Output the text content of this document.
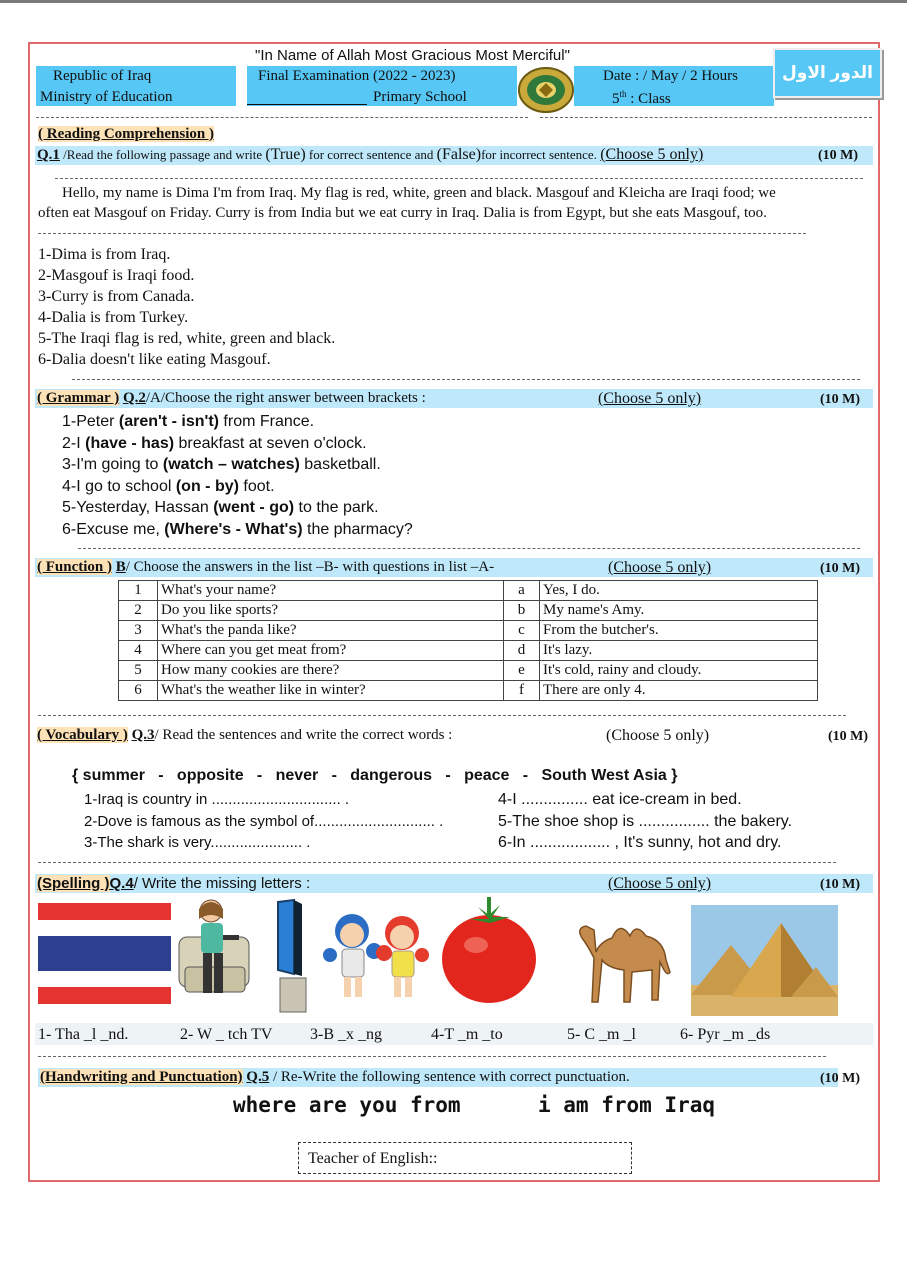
"In Name of Allah Most Gracious Most Merciful"
Republic of Iraq
Ministry of Education
Final Examination (2022 - 2023)
Primary School
Date : / May / 2 Hours
5th : Class
الدور الاول
( Reading Comprehension )
Q.1 /Read the following passage and write (True) for correct sentence and (False)for incorrect sentence. (Choose 5 only)	(10 M)
Hello, my name is Dima I'm from Iraq. My flag is red, white, green and black. Masgouf and Kleicha are Iraqi food; we
often eat Masgouf on Friday. Curry is from India but we eat curry in Iraq. Dalia is from Egypt, but she eats Masgouf, too.
1-Dima is from Iraq.
2-Masgouf is Iraqi food.
3-Curry is from Canada.
4-Dalia is from Turkey.
5-The Iraqi flag is red, white, green and black.
6-Dalia doesn't like eating Masgouf.
( Grammar ) Q.2/A/Choose the right answer between brackets :	(Choose 5 only)	(10 M)
1-Peter (aren't - isn't) from France.
2-I (have - has) breakfast at seven o'clock.
3-I'm going to (watch – watches) basketball.
4-I go to school (on - by) foot.
5-Yesterday, Hassan (went - go) to the park.
6-Excuse me, (Where's - What's) the pharmacy?
( Function ) B/ Choose the answers in the list –B- with questions in list –A-	(Choose 5 only)	(10 M)
1	What's your name?	a	Yes, I do.
2	Do you like sports?	b	My name's Amy.
3	What's the panda like?	c	From the butcher's.
4	Where can you get meat from?	d	It's lazy.
5	How many cookies are there?	e	It's cold, rainy and cloudy.
6	What's the weather like in winter?	f	There are only 4.
( Vocabulary ) Q.3/ Read the sentences and write the correct words :	(Choose 5 only)	(10 M)
{ summer   -   opposite   -   never   -   dangerous   -   peace   -   South West Asia }
1-Iraq is country in ............................... .
2-Dove is famous as the symbol of............................. .
3-The shark is very...................... .
4-I ............... eat ice-cream in bed.
5-The shoe shop is ................ the bakery.
6-In .................. , It's sunny, hot and dry.
(Spelling )Q.4/ Write the missing letters :	(Choose 5 only)	(10 M)
1- Tha _l _nd.	2- W _ tch TV 3-B _x _ng	4-T _m _to	5- C _m _l	6- Pyr _m _ds
(Handwriting and Punctuation) Q.5 / Re-Write the following sentence with correct punctuation.	(10 M)
where are you from	i am from Iraq
Teacher of English::
